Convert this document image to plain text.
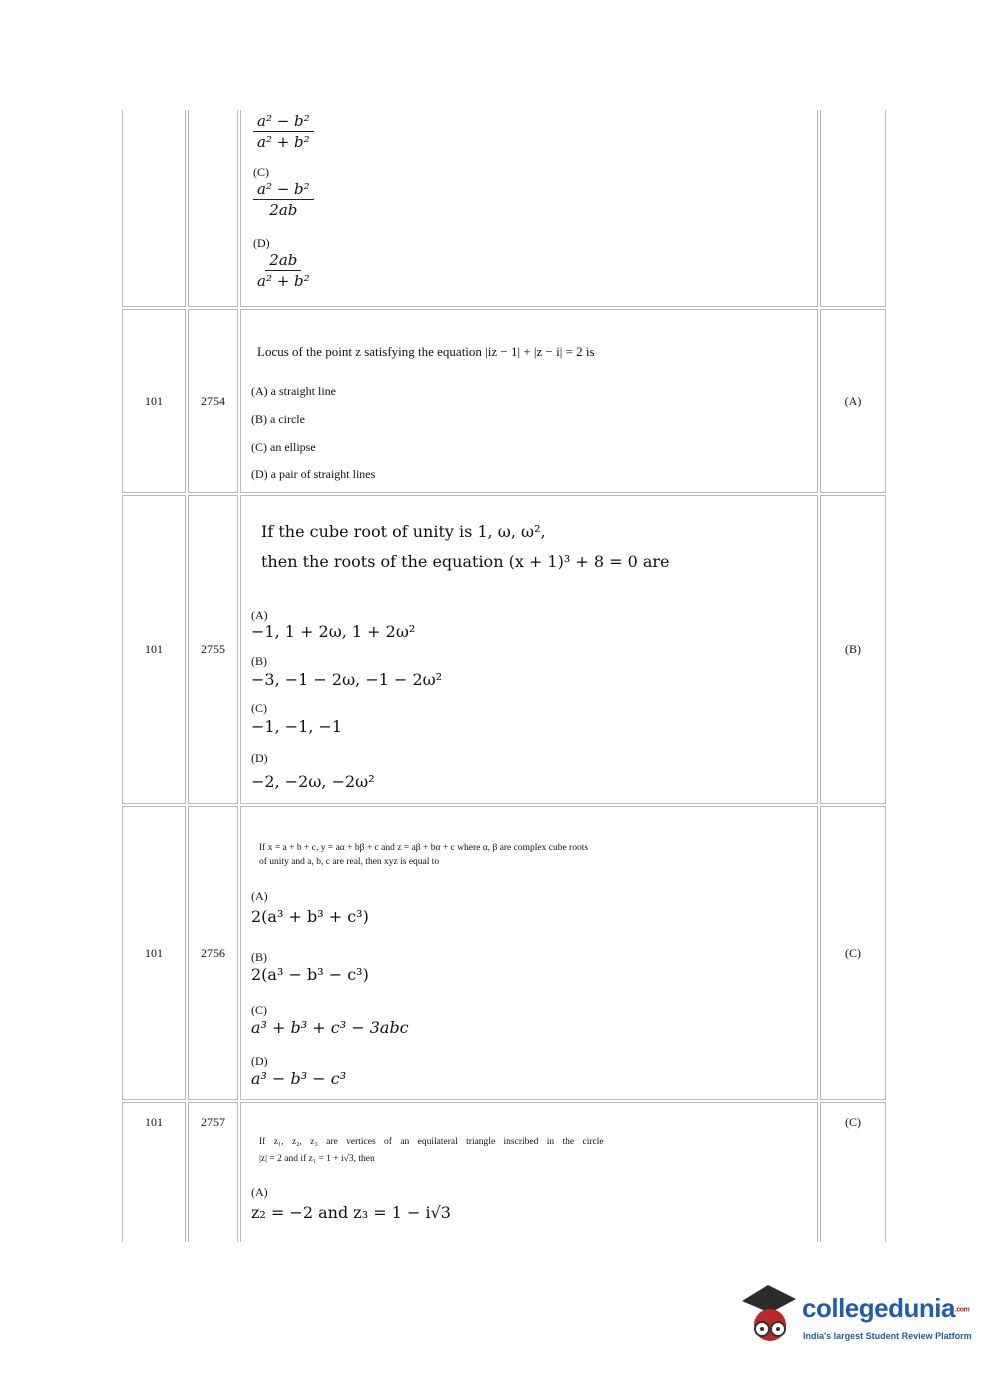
$\frac{\text{a² − b²}}{\text{a² + b²}}$
(C)
$\frac{\text{a² − b²}}{2ab}$
(D)
$\frac{2ab}{\text{a² + b²}}$
101	2754
Locus of the point z satisfying the equation |iz − 1| + |z − i| = 2 is
(A) a straight line
(B) a circle
(C) an ellipse
(D) a pair of straight lines
(A)
101	2755
If the cube root of unity is 1, ω, ω²,
then the roots of the equation (x + 1)³ + 8 = 0 are
(A)
−1, 1 + 2ω, 1 + 2ω²
(B)
−3, −1 − 2ω, −1 − 2ω²
(C)
−1, −1, −1
(D)
−2, −2ω, −2ω²
(B)
101	2756
If x = a + b + c, y = aα + bβ + c and z = aβ + bα + c where α, β are complex cube roots
of unity and a, b, c are real, then xyz is equal to
(A)
2(a³ + b³ + c³)
(B)
2(a³ − b³ − c³)
(C)
a³ + b³ + c³ − 3abc
(D)
a³ − b³ − c³
(C)
101	2757
If z₁, z₂, z₃ are vertices of an equilateral triangle inscribed in the circle
|z| = 2 and if z₁ = 1 + i√3, then
(A)
z₂ = −2 and z₃ = 1 − i√3
(C)
collegedunia.com
India's largest Student Review Platform
